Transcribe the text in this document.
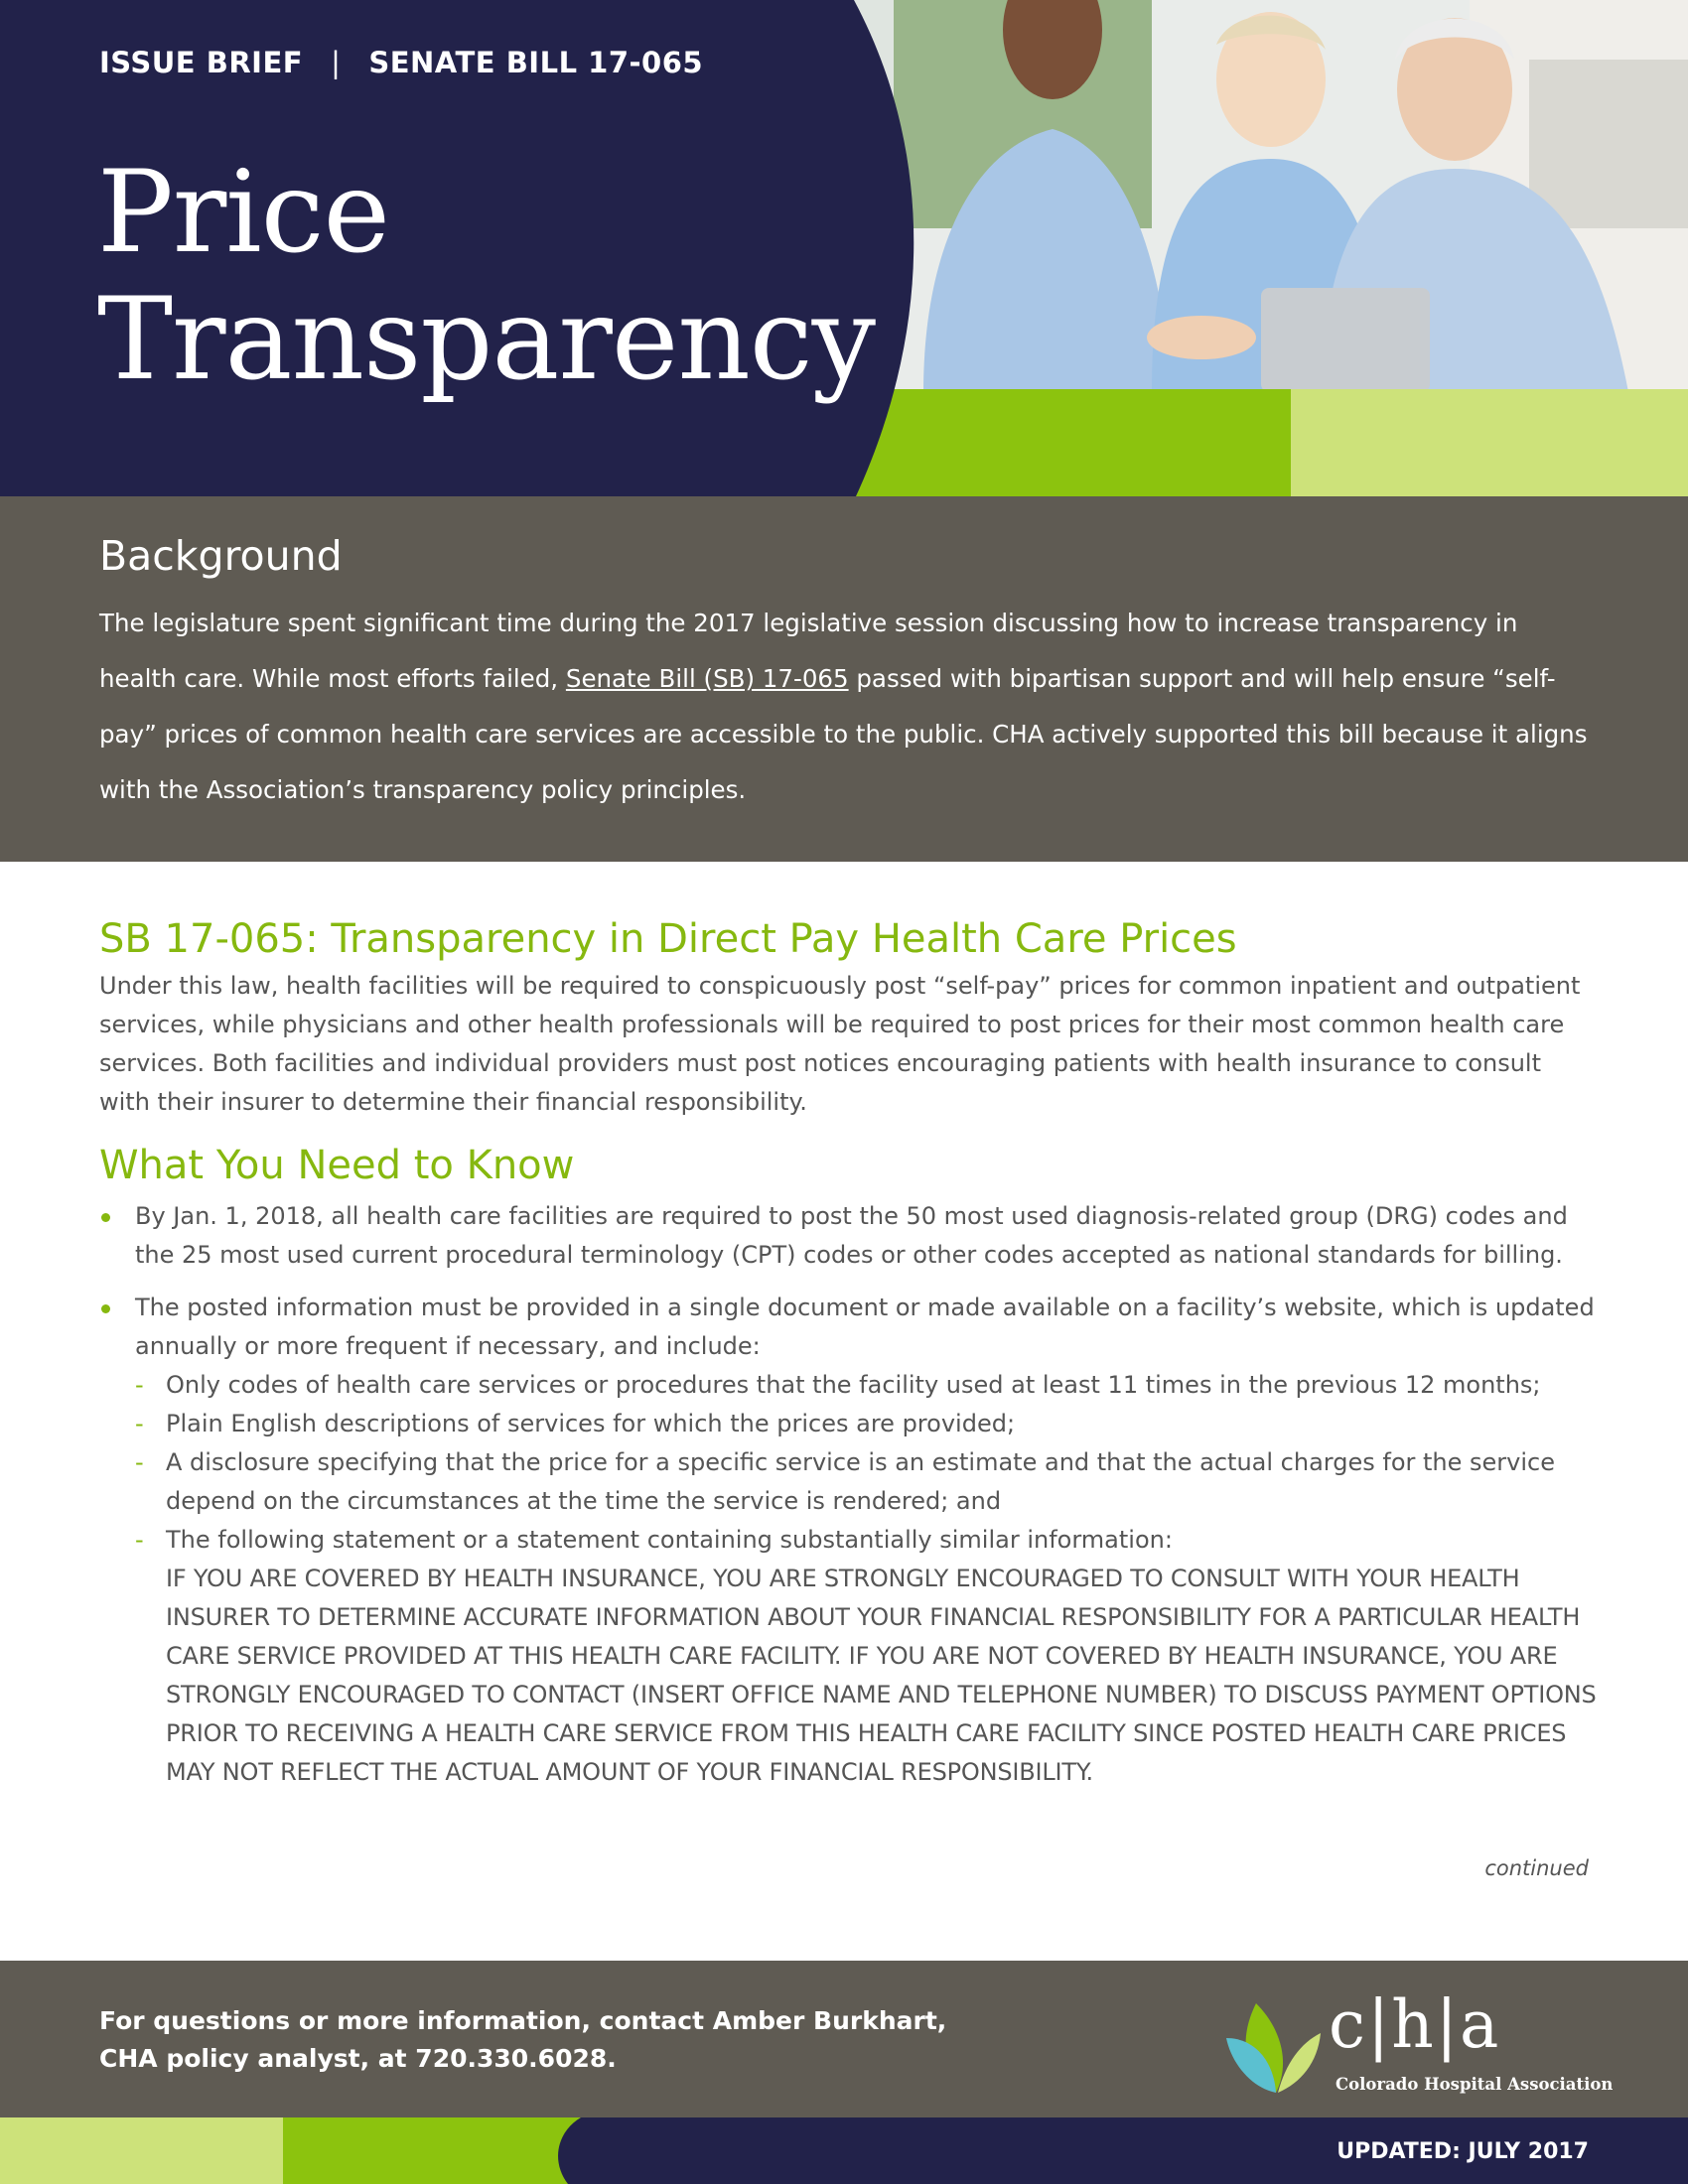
ISSUE BRIEF | SENATE BILL 17-065
Price
Transparency
Background

The legislature spent significant time during the 2017 legislative session discussing how to increase transparency in health care. While most efforts failed, Senate Bill (SB) 17-065 passed with bipartisan support and will help ensure “self-pay” prices of common health care services are accessible to the public. CHA actively supported this bill because it aligns with the Association’s transparency policy principles.

SB 17-065: Transparency in Direct Pay Health Care Prices

Under this law, health facilities will be required to conspicuously post “self-pay” prices for common inpatient and outpatient services, while physicians and other health professionals will be required to post prices for their most common health care services. Both facilities and individual providers must post notices encouraging patients with health insurance to consult with their insurer to determine their financial responsibility.

What You Need to Know
By Jan. 1, 2018, all health care facilities are required to post the 50 most used diagnosis-related group (DRG) codes and the 25 most used current procedural terminology (CPT) codes or other codes accepted as national standards for billing.
The posted information must be provided in a single document or made available on a facility’s website, which is updated annually or more frequent if necessary, and include:
- Only codes of health care services or procedures that the facility used at least 11 times in the previous 12 months;
- Plain English descriptions of services for which the prices are provided;
- A disclosure specifying that the price for a specific service is an estimate and that the actual charges for the service depend on the circumstances at the time the service is rendered; and
- The following statement or a statement containing substantially similar information:
IF YOU ARE COVERED BY HEALTH INSURANCE, YOU ARE STRONGLY ENCOURAGED TO CONSULT WITH YOUR HEALTH INSURER TO DETERMINE ACCURATE INFORMATION ABOUT YOUR FINANCIAL RESPONSIBILITY FOR A PARTICULAR HEALTH CARE SERVICE PROVIDED AT THIS HEALTH CARE FACILITY. IF YOU ARE NOT COVERED BY HEALTH INSURANCE, YOU ARE STRONGLY ENCOURAGED TO CONTACT (INSERT OFFICE NAME AND TELEPHONE NUMBER) TO DISCUSS PAYMENT OPTIONS PRIOR TO RECEIVING A HEALTH CARE SERVICE FROM THIS HEALTH CARE FACILITY SINCE POSTED HEALTH CARE PRICES MAY NOT REFLECT THE ACTUAL AMOUNT OF YOUR FINANCIAL RESPONSIBILITY.
continued
For questions or more information, contact Amber Burkhart,
CHA policy analyst, at 720.330.6028.	c|h|a
Colorado Hospital Association
UPDATED: JULY 2017
